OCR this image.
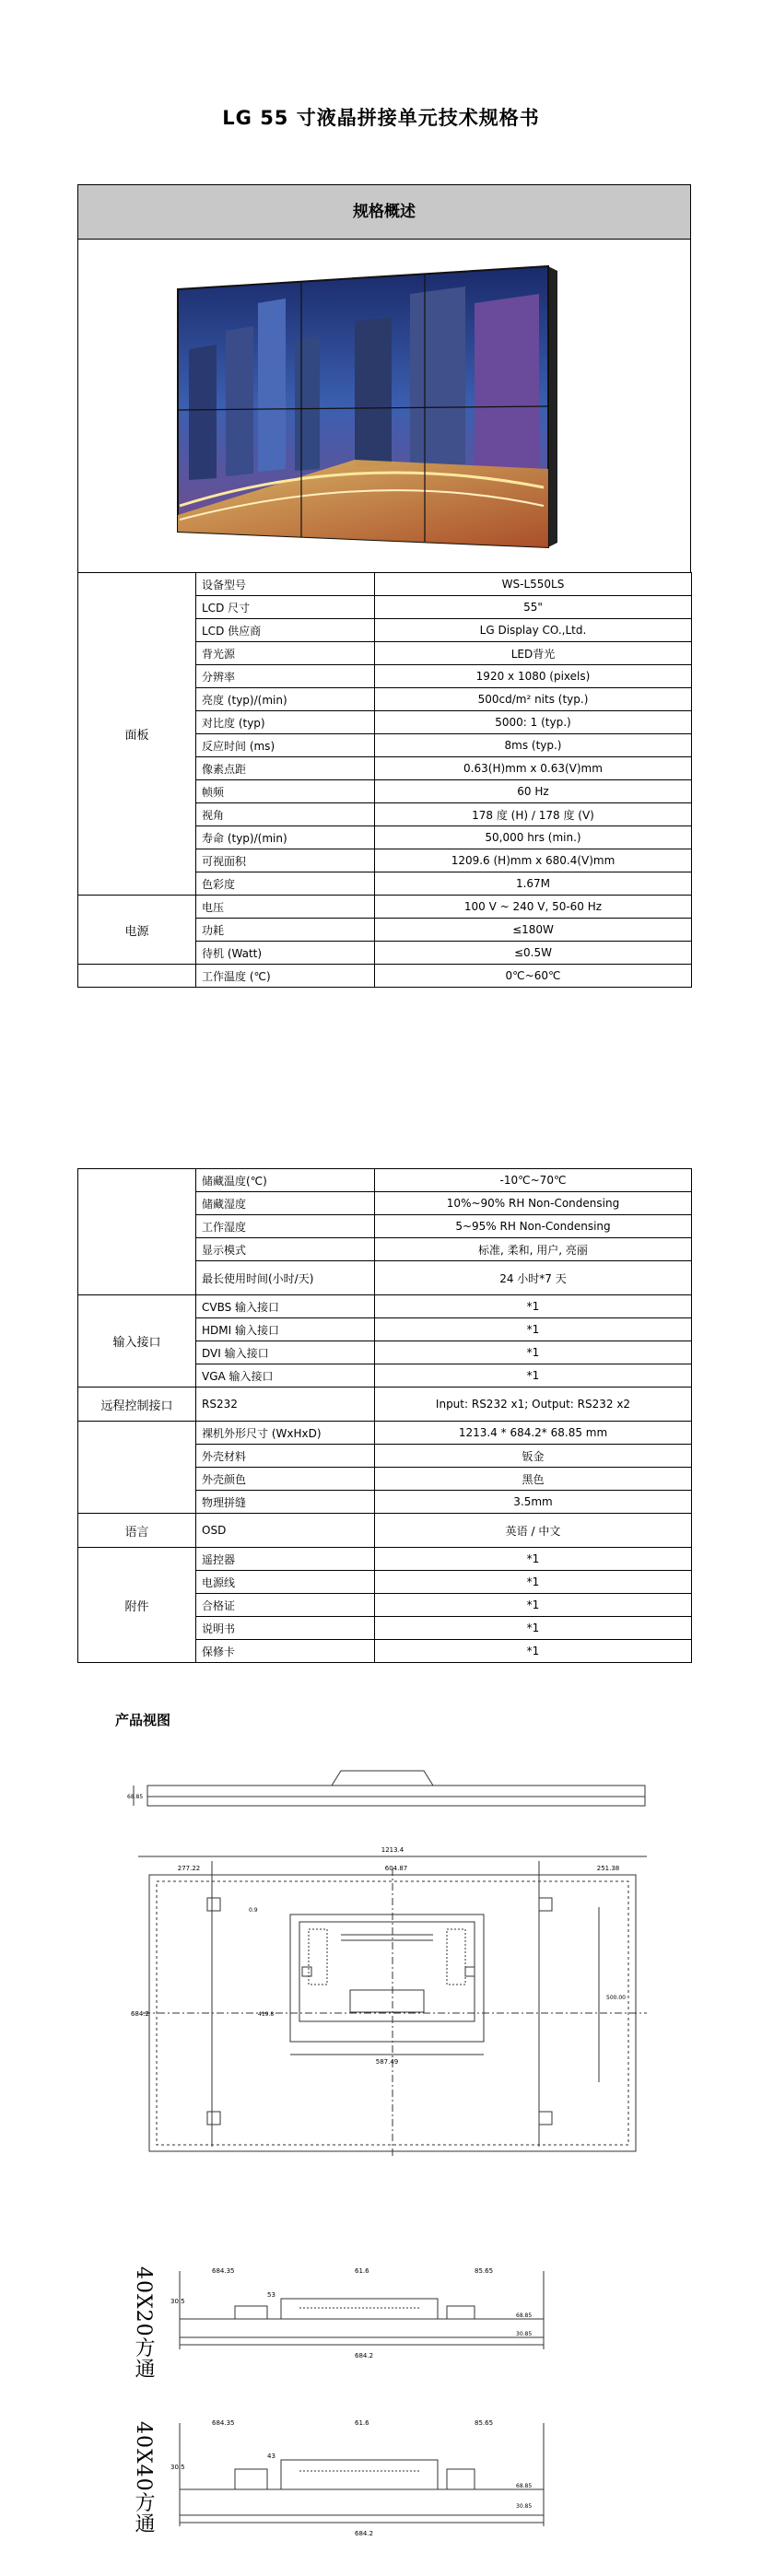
LG 55 寸液晶拼接单元技术规格书
规格概述
面板	设备型号	WS-L550LS
	LCD 尺寸	55"
	LCD 供应商	LG Display CO.,Ltd.
	背光源	LED背光
	分辨率	1920 x 1080 (pixels)
	亮度 (typ)/(min)	500cd/m² nits (typ.)
	对比度 (typ)	5000: 1 (typ.)
	反应时间 (ms)	8ms (typ.)
	像素点距	0.63(H)mm x 0.63(V)mm
	帧频	60 Hz
	视角	178 度 (H) / 178 度 (V)
	寿命 (typ)/(min)	50,000 hrs (min.)
	可视面积	1209.6 (H)mm x 680.4(V)mm
	色彩度	1.67M
电源	电压	100 V ~ 240 V, 50-60 Hz
	功耗	≤180W
	待机 (Watt)	≤0.5W
	工作温度 (℃)	0℃~60℃
	储藏温度(℃)	-10℃~70℃
	储藏湿度	10%~90% RH Non-Condensing
	工作湿度	5~95% RH Non-Condensing
	显示模式	标准, 柔和, 用户, 亮丽
	最长使用时间(小时/天)	24 小时*7 天
输入接口	CVBS 输入接口	*1
	HDMI 输入接口	*1
	DVI 输入接口	*1
	VGA 输入接口	*1
远程控制接口	RS232	Input: RS232 x1; Output: RS232 x2
	裸机外形尺寸 (WxHxD)	1213.4 * 684.2* 68.85 mm
	外壳材料	钣金
	外壳颜色	黑色
	物理拼缝	3.5mm
语言	OSD	英语 / 中文
附件	遥控器	*1
	电源线	*1
	合格证	*1
	说明书	*1
	保修卡	*1
产品视图
1213.4
277.22	604.87	251.38
684.2
587.49
68.85
419.8
500.00
0.9
40X20方通	684.35	61.6	85.65
30.5
53
684.2
68.85
30.85
40X40方通	684.35	61.6	85.65
30.5
43
684.2
68.85
30.85
